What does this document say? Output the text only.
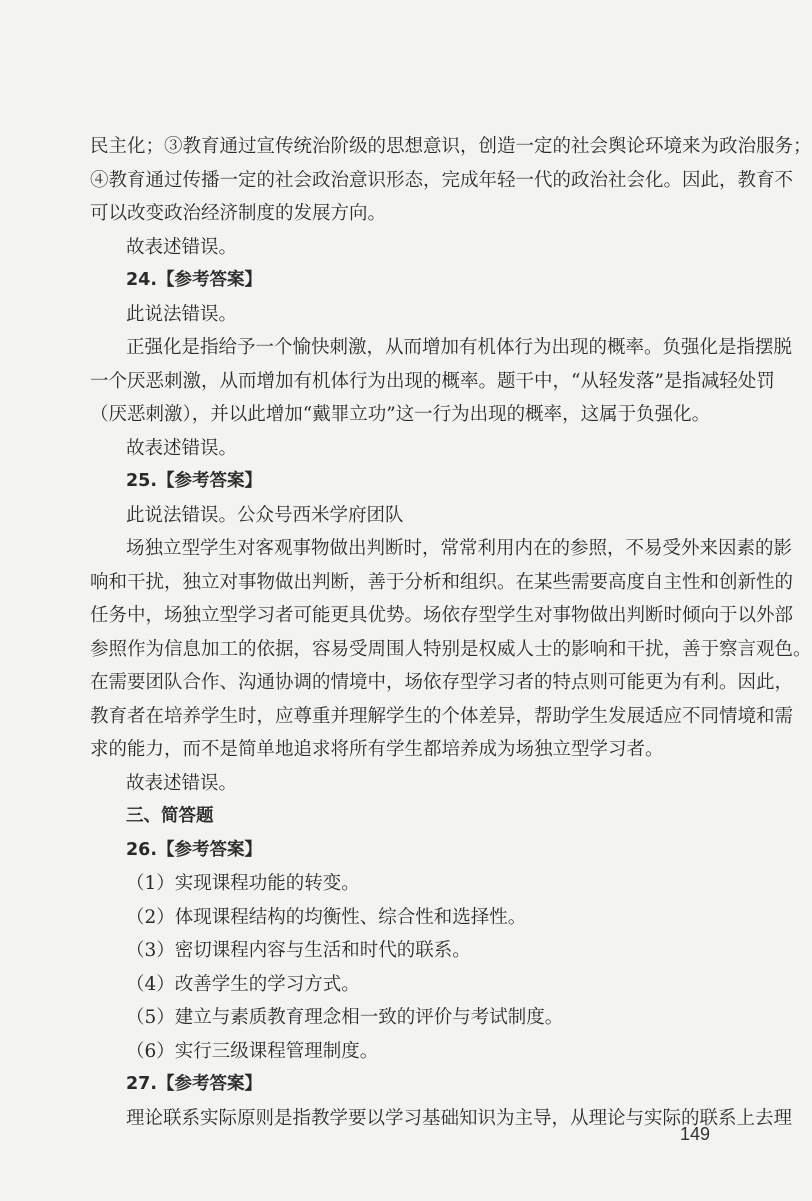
民主化；③教育通过宣传统治阶级的思想意识，创造一定的社会舆论环境来为政治服务；
④教育通过传播一定的社会政治意识形态，完成年轻一代的政治社会化。因此，教育不
可以改变政治经济制度的发展方向。
故表述错误。
24.【参考答案】
此说法错误。
正强化是指给予一个愉快刺激，从而增加有机体行为出现的概率。负强化是指摆脱
一个厌恶刺激，从而增加有机体行为出现的概率。题干中，“从轻发落”是指减轻处罚
（厌恶刺激），并以此增加“戴罪立功”这一行为出现的概率，这属于负强化。
故表述错误。
25.【参考答案】
此说法错误。公众号西米学府团队
场独立型学生对客观事物做出判断时，常常利用内在的参照，不易受外来因素的影
响和干扰，独立对事物做出判断，善于分析和组织。在某些需要高度自主性和创新性的
任务中，场独立型学习者可能更具优势。场依存型学生对事物做出判断时倾向于以外部
参照作为信息加工的依据，容易受周围人特别是权威人士的影响和干扰，善于察言观色。
在需要团队合作、沟通协调的情境中，场依存型学习者的特点则可能更为有利。因此，
教育者在培养学生时，应尊重并理解学生的个体差异，帮助学生发展适应不同情境和需
求的能力，而不是简单地追求将所有学生都培养成为场独立型学习者。
故表述错误。
三、简答题
26.【参考答案】
（1）实现课程功能的转变。
（2）体现课程结构的均衡性、综合性和选择性。
（3）密切课程内容与生活和时代的联系。
（4）改善学生的学习方式。
（5）建立与素质教育理念相一致的评价与考试制度。
（6）实行三级课程管理制度。
27.【参考答案】
理论联系实际原则是指教学要以学习基础知识为主导，从理论与实际的联系上去理
149
